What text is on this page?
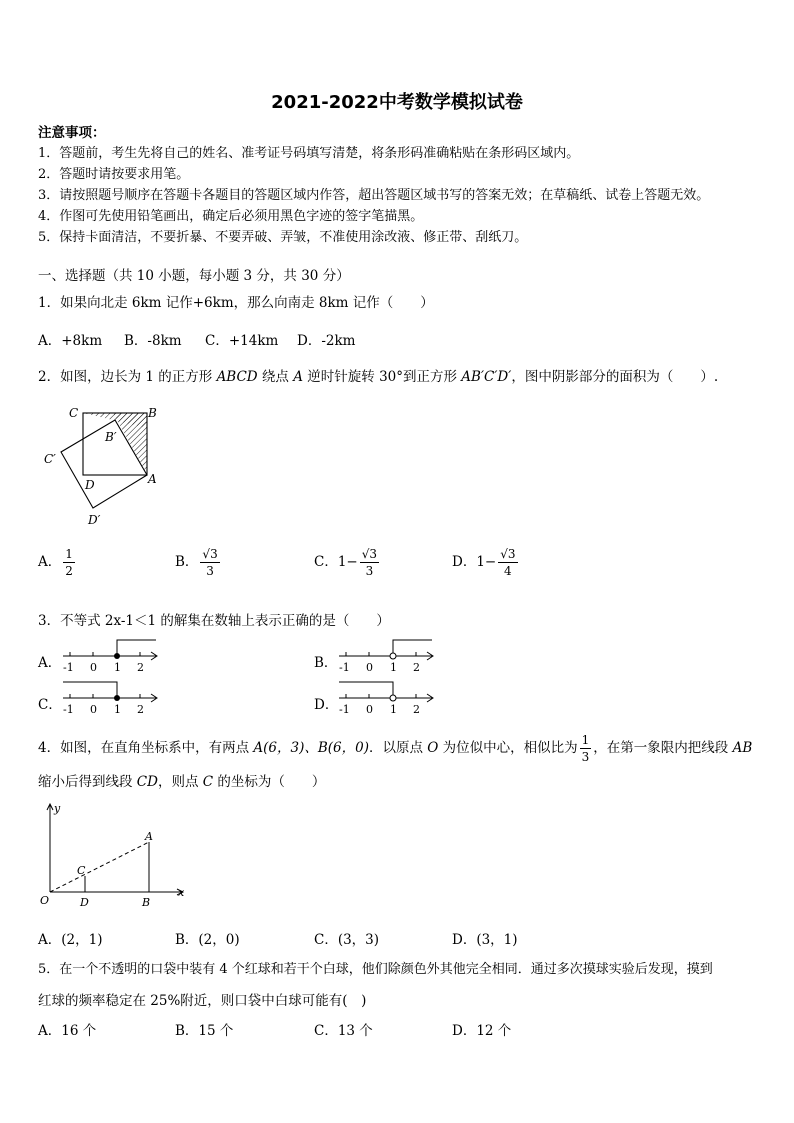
2021-2022中考数学模拟试卷
注意事项：
1．答题前，考生先将自己的姓名、准考证号码填写清楚，将条形码准确粘贴在条形码区域内。
2．答题时请按要求用笔。
3．请按照题号顺序在答题卡各题目的答题区域内作答，超出答题区域书写的答案无效；在草稿纸、试卷上答题无效。
4．作图可先使用铅笔画出，确定后必须用黑色字迹的签字笔描黑。
5．保持卡面清洁，不要折暴、不要弄破、弄皱，不准使用涂改液、修正带、刮纸刀。
一、选择题（共 10 小题，每小题 3 分，共 30 分）
1．如果向北走 6km 记作+6km，那么向南走 8km 记作（　　）
A．+8km B．-8km C．+14km D．-2km
2．如图，边长为 1 的正方形 ABCD 绕点 A 逆时针旋转 30°到正方形 AB′C′D′，图中阴影部分的面积为（　　）.
C	B
B′
C′
D	A
D′
A． $\frac{1}{2}$	B． $\frac{√3}{3}$	C．$1- \frac{√3}{3}$	D．$1- \frac{√3}{4}$
3．不等式 2x-1＜1 的解集在数轴上表示正确的是（　　）
A． -1 0 1 2	B． -1 0 1 2
C． -1 0 1 2	D． -1 0 1 2
4．如图，在直角坐标系中，有两点 A(6，3)、B(6，0)．以原点 O 为位似中心，相似比为 $\frac{1}{3}$ ，在第一象限内把线段 AB
缩小后得到线段 CD，则点 C 的坐标为（　　）
y
x
O	D	B
C
A
A．(2，1)	B．(2，0)	C．(3，3)	D．(3，1)
5．在一个不透明的口袋中装有 4 个红球和若干个白球，他们除颜色外其他完全相同．通过多次摸球实验后发现，摸到
红球的频率稳定在 25%附近，则口袋中白球可能有(　)
A．16 个	B．15 个	C．13 个	D．12 个
